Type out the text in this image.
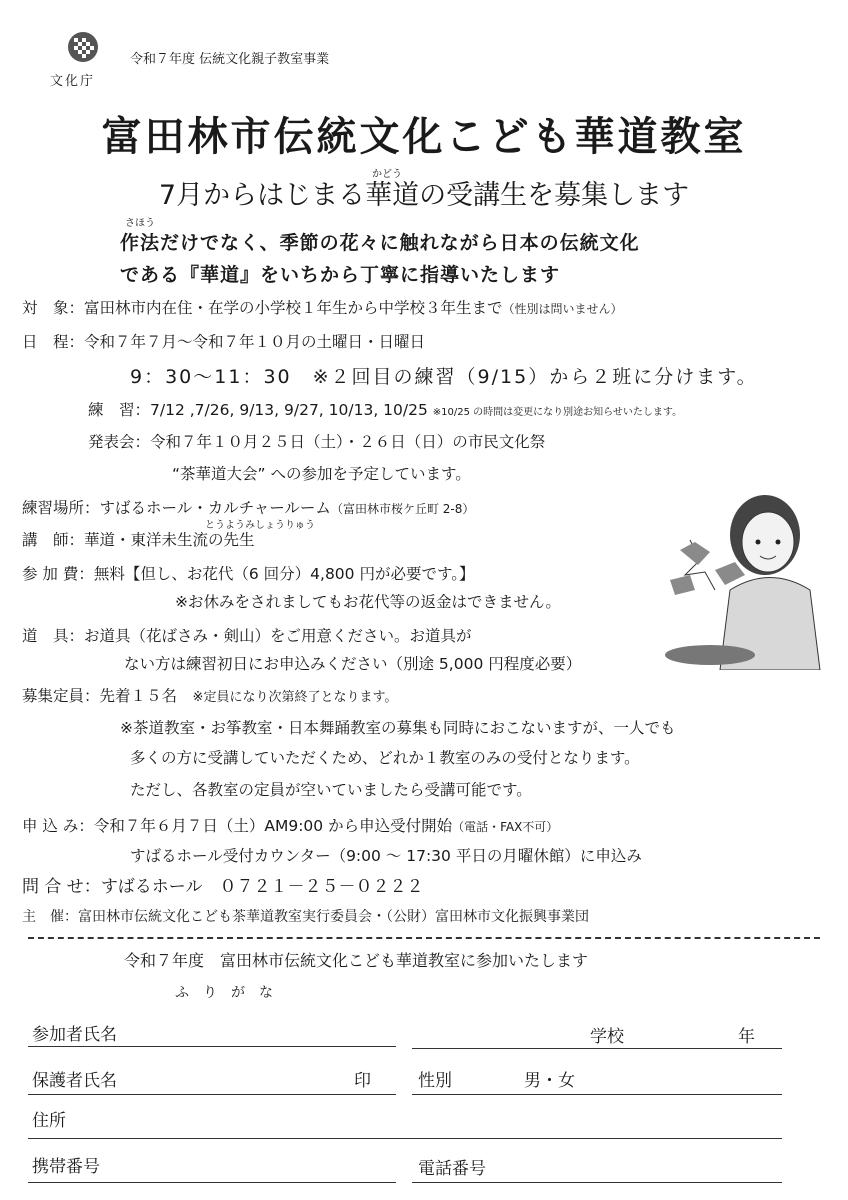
文化庁
令和７年度 伝統文化親子教室事業
富田林市伝統文化こども華道教室
かどう
7月からはじまる華道の受講生を募集します
さほう
作法だけでなく、季節の花々に触れながら日本の伝統文化
である『華道』をいちから丁寧に指導いたします
対　象：富田林市内在住・在学の小学校１年生から中学校３年生まで（性別は問いません）
日　程：令和７年７月～令和７年１０月の土曜日・日曜日
9：30～11：30　※２回目の練習（9/15）から２班に分けます。
練　習：7/12 ,7/26, 9/13, 9/27, 10/13, 10/25 ※10/25 の時間は変更になり別途お知らせいたします。
発表会：令和７年１０月２５日（土）・２６日（日）の市民文化祭
“茶華道大会” への参加を予定しています。
練習場所：すばるホール・カルチャールーム（富田林市桜ケ丘町 2-8）
とうようみしょうりゅう
講　師：華道・東洋未生流の先生
参 加 費：無料【但し、お花代（6 回分）4,800 円が必要です。】
※お休みをされましてもお花代等の返金はできません。
道　具：お道具（花ばさみ・剣山）をご用意ください。お道具が
ない方は練習初日にお申込みください（別途 5,000 円程度必要）
募集定員：先着１５名　 ※定員になり次第終了となります。
※茶道教室・お筝教室・日本舞踊教室の募集も同時におこないますが、一人でも
多くの方に受講していただくため、どれか１教室のみの受付となります。
ただし、各教室の定員が空いていましたら受講可能です。
申 込 み：令和７年６月７日（土）AM9:00 から申込受付開始（電話・FAX不可）
すばるホール受付カウンター（9:00 ～ 17:30 平日の月曜休館）に申込み
問 合 せ：すばるホール　０７２１－２５－０２２２
主　催：富田林市伝統文化こども茶華道教室実行委員会・（公財）富田林市文化振興事業団
令和７年度　富田林市伝統文化こども華道教室に参加いたします
ふ　り　が　な
参加者氏名	学校	年
保護者氏名	印	性別	男・女
住所
携帯番号	電話番号
